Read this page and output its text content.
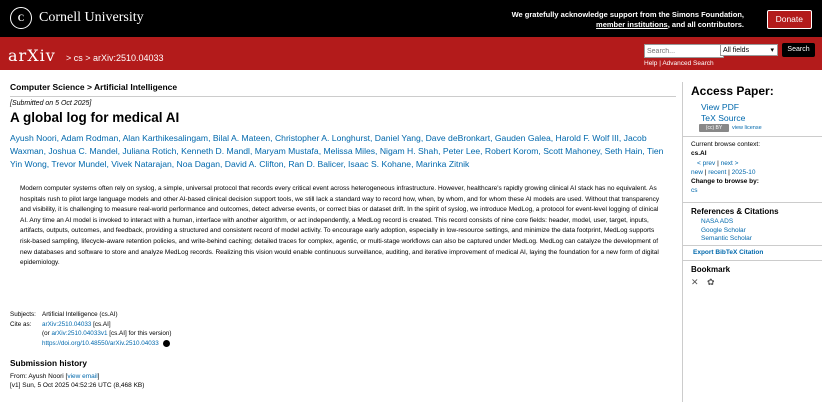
C	Cornell University	We gratefully acknowledge support from the Simons Foundation,
member institutions, and all contributors.
Donate
arXiv > cs > arXiv:2510.04033
Search...
All fields	▾	Search
Help | Advanced Search
Computer Science > Artificial Intelligence
[Submitted on 5 Oct 2025]
A global log for medical AI
Ayush Noori, Adam Rodman, Alan Karthikesalingam, Bilal A. Mateen, Christopher A. Longhurst, Daniel Yang, Dave deBronkart, Gauden Galea, Harold F. Wolf III, Jacob Waxman, Joshua C. Mandel, Juliana Rotich, Kenneth D. Mandl, Maryam Mustafa, Melissa Miles, Nigam H. Shah, Peter Lee, Robert Korom, Scott Mahoney, Seth Hain, Tien Yin Wong, Trevor Mundel, Vivek Natarajan, Noa Dagan, David A. Clifton, Ran D. Balicer, Isaac S. Kohane, Marinka Zitnik
Modern computer systems often rely on syslog, a simple, universal protocol that records every critical event across heterogeneous infrastructure. However, healthcare's rapidly growing clinical AI stack has no equivalent. As hospitals rush to pilot large language models and other AI-based clinical decision support tools, we still lack a standard way to record how, when, by whom, and for whom these AI models are used. Without that transparency and visibility, it is challenging to measure real-world performance and outcomes, detect adverse events, or correct bias or dataset drift. In the spirit of syslog, we introduce MedLog, a protocol for event-level logging of clinical AI. Any time an AI model is invoked to interact with a human, interface with another algorithm, or act independently, a MedLog record is created. This record consists of nine core fields: header, model, user, target, inputs, artifacts, outputs, outcomes, and feedback, providing a structured and consistent record of model activity. To encourage early adoption, especially in low-resource settings, and minimize the data footprint, MedLog supports risk-based sampling, lifecycle-aware retention policies, and write-behind caching; detailed traces for complex, agentic, or multi-stage workflows can also be captured under MedLog. MedLog can catalyze the development of new databases and software to store and analyze MedLog records. Realizing this vision would enable continuous surveillance, auditing, and iterative improvement of medical AI, laying the foundation for a new form of digital epidemiology.
Subjects: Artificial Intelligence (cs.AI)
Cite as:	arXiv:2510.04033 [cs.AI]
(or arXiv:2510.04033v1 [cs.AI] for this version)
https://doi.org/10.48550/arXiv.2510.04033
Submission history
From: Ayush Noori [view email]
[v1] Sun, 5 Oct 2025 04:52:26 UTC (8,468 KB)
Access Paper:
View PDF
TeX Source
(cc) BY	view license
Current browse context:
cs.AI
< prev | next >
new | recent | 2025-10
Change to browse by:
cs
References & Citations
NASA ADS
Google Scholar
Semantic Scholar
Export BibTeX Citation
Bookmark
✕ ✿
